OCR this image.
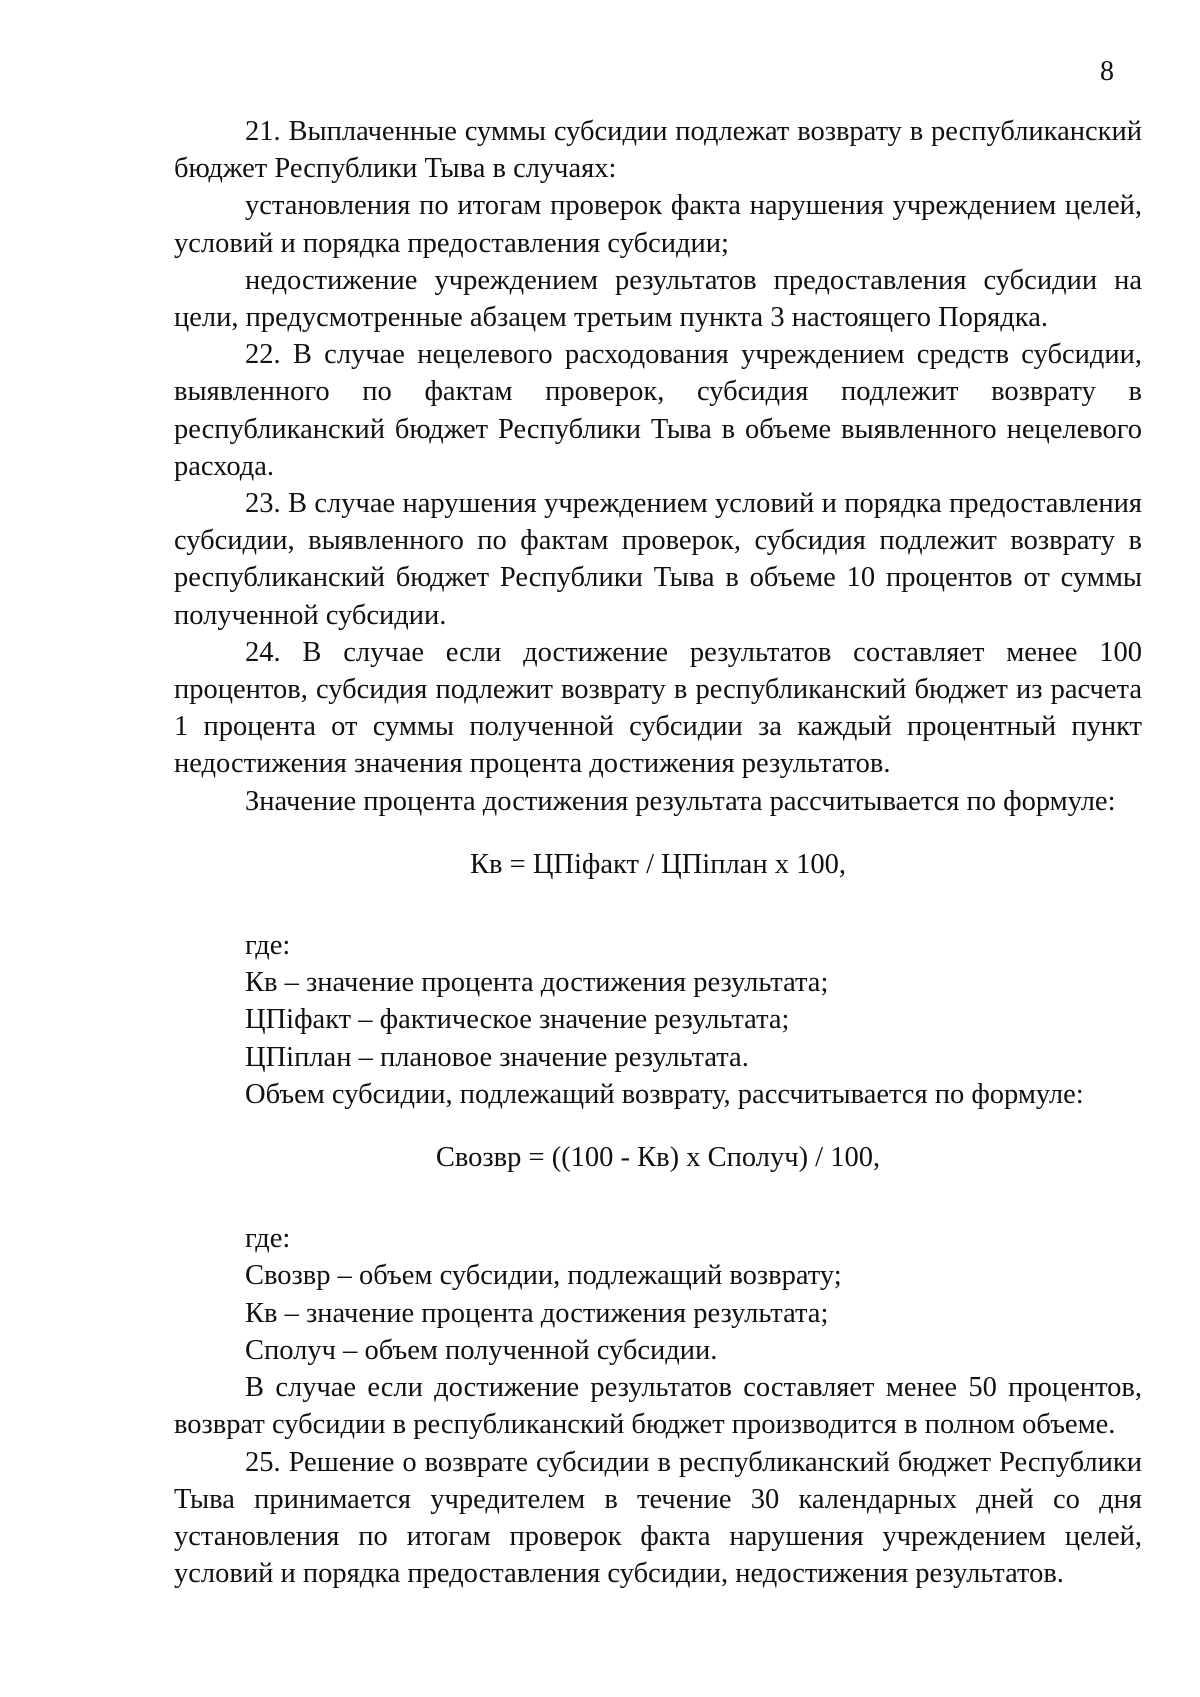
8

21. Выплаченные суммы субсидии подлежат возврату в республиканский бюджет Республики Тыва в случаях:

установления по итогам проверок факта нарушения учреждением целей, условий и порядка предоставления субсидии;

недостижение учреждением результатов предоставления субсидии на цели, предусмотренные абзацем третьим пункта 3 настоящего Порядка.

22. В случае нецелевого расходования учреждением средств субсидии, выявленного по фактам проверок, субсидия подлежит возврату в республиканский бюджет Республики Тыва в объеме выявленного нецелевого расхода.

23. В случае нарушения учреждением условий и порядка предоставления субсидии, выявленного по фактам проверок, субсидия подлежит возврату в республиканский бюджет Республики Тыва в объеме 10 процентов от суммы полученной субсидии.

24. В случае если достижение результатов составляет менее 100 процентов, субсидия подлежит возврату в республиканский бюджет из расчета 1 процента от суммы полученной субсидии за каждый процентный пункт недостижения значения процента достижения результатов.

Значение процента достижения результата рассчитывается по формуле:

Кв = ЦПiфакт / ЦПiплан х 100,

где:

Кв – значение процента достижения результата;

ЦПiфакт – фактическое значение результата;

ЦПiплан – плановое значение результата.

Объем субсидии, подлежащий возврату, рассчитывается по формуле:

Свозвр = ((100 - Кв) х Сполуч) / 100,

где:

Свозвр – объем субсидии, подлежащий возврату;

Кв – значение процента достижения результата;

Сполуч – объем полученной субсидии.

В случае если достижение результатов составляет менее 50 процентов, возврат субсидии в республиканский бюджет производится в полном объеме.

25. Решение о возврате субсидии в республиканский бюджет Республики Тыва принимается учредителем в течение 30 календарных дней со дня установления по итогам проверок факта нарушения учреждением целей, условий и порядка предоставления субсидии, недостижения результатов.
